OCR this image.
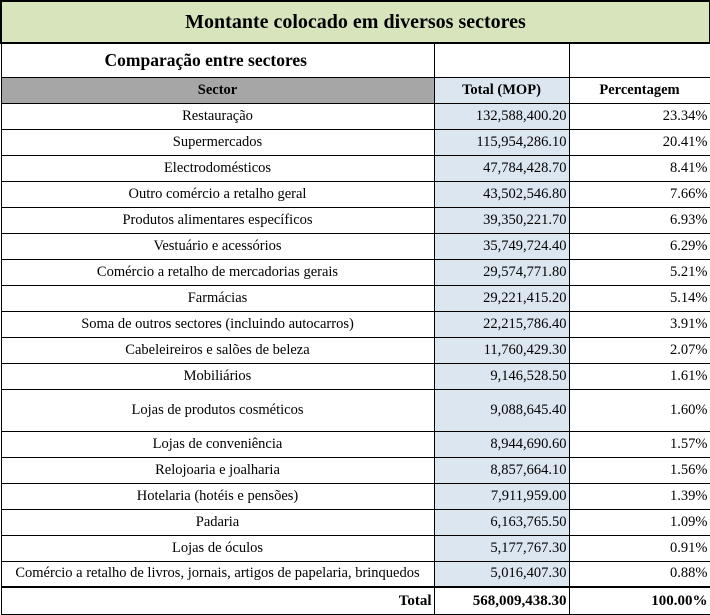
Montante colocado em diversos sectores		
Comparação entre sectores		
Sector	Total (MOP)	Percentagem
Restauração	132,588,400.20	23.34%
Supermercados	115,954,286.10	20.41%
Electrodomésticos	47,784,428.70	8.41%
Outro comércio a retalho geral	43,502,546.80	7.66%
Produtos alimentares específicos	39,350,221.70	6.93%
Vestuário e acessórios	35,749,724.40	6.29%
Comércio a retalho de mercadorias gerais	29,574,771.80	5.21%
Farmácias	29,221,415.20	5.14%
Soma de outros sectores (incluindo autocarros)	22,215,786.40	3.91%
Cabeleireiros e salões de beleza	11,760,429.30	2.07%
Mobiliários	9,146,528.50	1.61%
Lojas de produtos cosméticos	9,088,645.40	1.60%
Lojas de conveniência	8,944,690.60	1.57%
Relojoaria e joalharia	8,857,664.10	1.56%
Hotelaria (hotéis e pensões)	7,911,959.00	1.39%
Padaria	6,163,765.50	1.09%
Lojas de óculos	5,177,767.30	0.91%
Comércio a retalho de livros, jornais, artigos de papelaria, brinquedos	5,016,407.30	0.88%
Total	568,009,438.30	100.00%
